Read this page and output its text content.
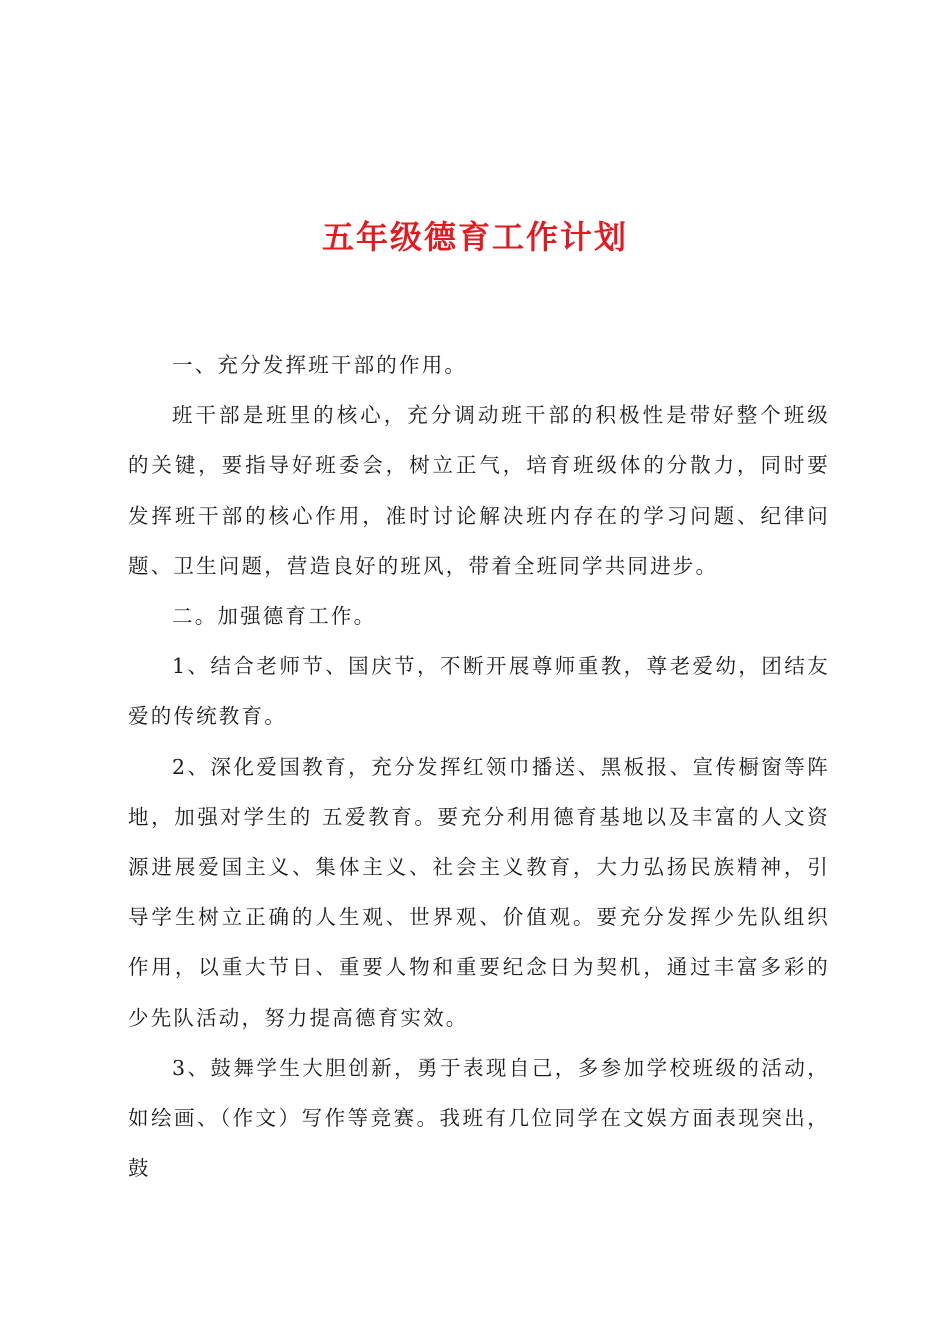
五年级德育工作计划

一、充分发挥班干部的作用。

班干部是班里的核心，充分调动班干部的积极性是带好整个班级的关键，要指导好班委会，树立正气，培育班级体的分散力，同时要发挥班干部的核心作用，准时讨论解决班内存在的学习问题、纪律问题、卫生问题，营造良好的班风，带着全班同学共同进步。

二。加强德育工作。

1、结合老师节、国庆节，不断开展尊师重教，尊老爱幼，团结友爱的传统教育。

2、深化爱国教育，充分发挥红领巾播送、黑板报、宣传橱窗等阵地，加强对学生的 五爱教育。要充分利用德育基地以及丰富的人文资源进展爱国主义、集体主义、社会主义教育，大力弘扬民族精神，引导学生树立正确的人生观、世界观、价值观。要充分发挥少先队组织作用，以重大节日、重要人物和重要纪念日为契机，通过丰富多彩的少先队活动，努力提高德育实效。

3、鼓舞学生大胆创新，勇于表现自己，多参加学校班级的活动，如绘画、（作文）写作等竞赛。我班有几位同学在文娱方面表现突出，鼓
